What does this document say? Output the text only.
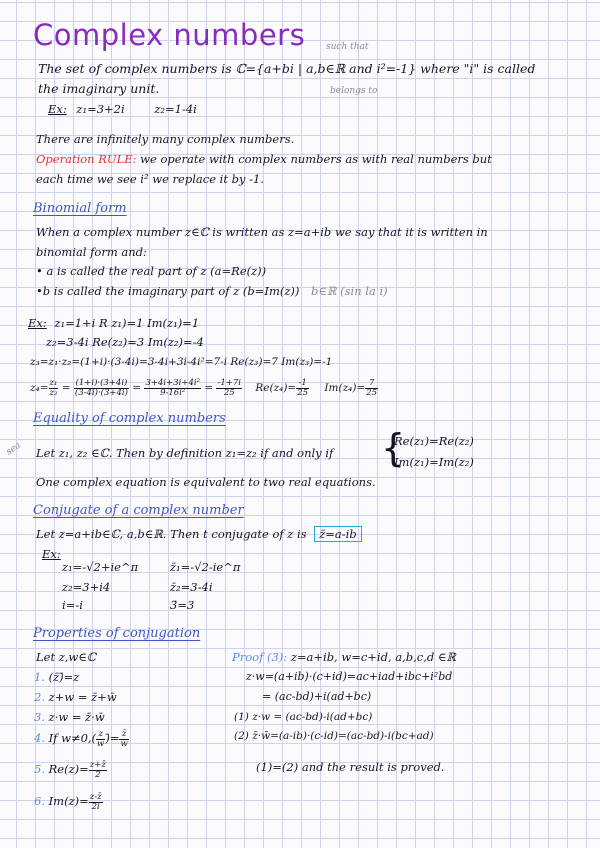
Complex numbers
The set of complex numbers is ℂ={a+bi | a,b∈ℝ and i²=-1} where "i" is called
such that
belongs to
the imaginary unit.
Ex: z₁=3+2i	z₂=1-4i
There are infinitely many complex numbers.
Operation RULE: we operate with complex numbers as with real numbers but
each time we see i² we replace it by -1.
Binomial form
When a complex number z∈ℂ is written as z=a+ib we say that it is written in
binomial form and:
• a is called the real part of z (a=Re(z))
•b is called the imaginary part of z (b=Im(z)) b∈ℝ (sin la i)
Ex: z₁=1+i R z₁)=1 Im(z₁)=1
z₂=3-4i Re(z₂)=3 Im(z₂)=-4
z₃=z₁·z₂=(1+i)·(3-4i)=3-4i+3i-4i²=7-i Re(z₃)=7 Im(z₃)=-1
$z_4= \frac{\text{z₁}}{\text{z₂}} = \frac{(1+i)\cdot(3+4i)}{(3-4i)\cdot(3+4i)} = \frac{\text{3+4i+3i+4i²}}{\text{9-16i²}} = \frac{-1+7i}{25} Re(z_4)= \frac{-1}{25} Im(z_4)= \frac{7}{25}$
Equality of complex numbers
sea Let z₁, z₂ ∈ℂ. Then by definition z₁=z₂ if and only if {
Re(z₁)=Re(z₂)
Im(z₁)=Im(z₂)
One complex equation is equivalent to two real equations.
Conjugate of a complex number
Let z=a+ib∈ℂ, a,b∈ℝ. Then t conjugate of z is z̄=a-ib
Ex:
z₁=-√2+ie^π	z̄₁=-√2-ie^π
z₂=3+i4	z̄₂=3-4i
i=-i	3̄=3
Properties of conjugation
Let z,w∈ℂ
1. (z̄)̄=z
2. z+w = z̄+w̄
3. z·w = z̄·w̄
4. If $w\ne 0,( \frac{z}{w}$ )̄= $\frac{z̄}{w̄}$
5. $Re(z)= \frac{z+z̄}{2}$
6. $Im(z)= \frac{z-z̄}{2i}$
Proof (3): z=a+ib, w=c+id, a,b,c,d ∈ℝ
z·w=(a+ib)·(c+id)=ac+iad+ibc+i²bd
= (ac-bd)+i(ad+bc)
(1) z·w = (ac-bd)-i(ad+bc)
(2) z̄·w̄=(a-ib)·(c-id)=(ac-bd)-i(bc+ad)
(1)=(2) and the result is proved.
